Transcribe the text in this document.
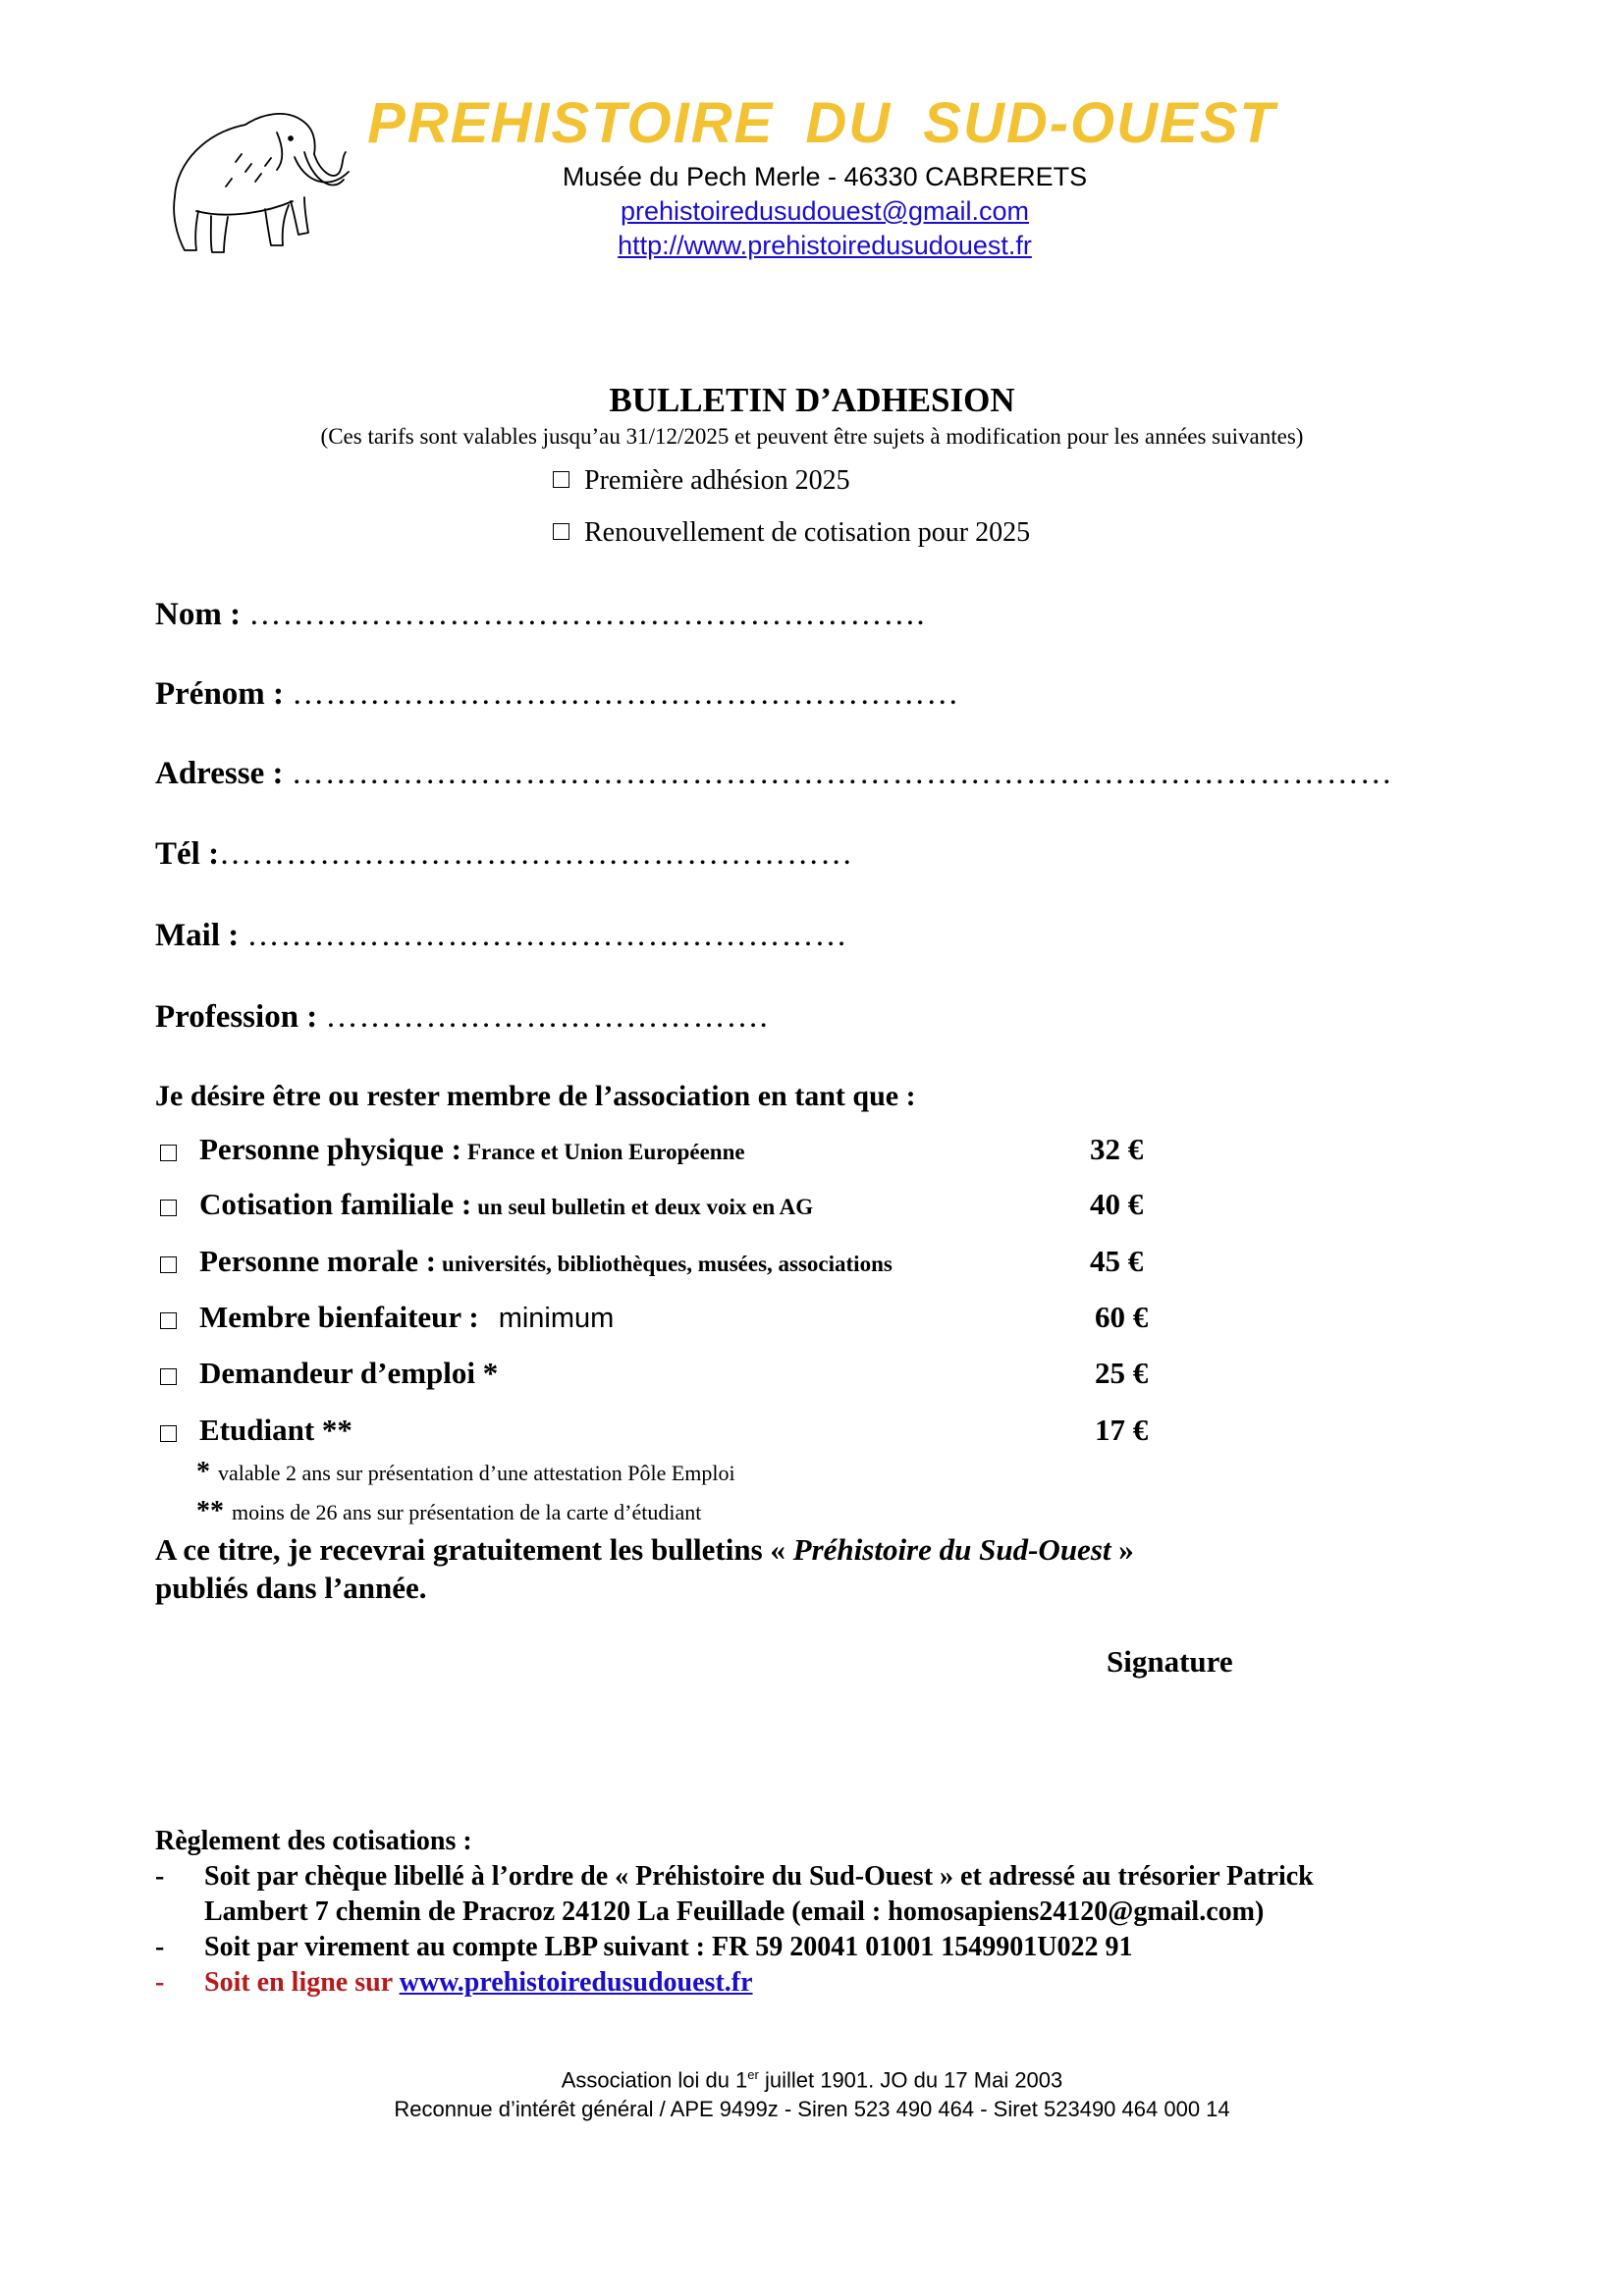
PREHISTOIRE DU SUD-OUEST
Musée du Pech Merle - 46330 CABRERETS
prehistoiredusudouest@gmail.com
http://www.prehistoiredusudouest.fr
BULLETIN D’ADHESION
(Ces tarifs sont valables jusqu’au 31/12/2025 et peuvent être sujets à modification pour les années suivantes)
Première adhésion 2025
Renouvellement de cotisation pour 2025
Nom : …………………………………………………….
Prénom : ……………………………………………………
Adresse : ………………………………………………………………………………………
Tél :…………………………………………………
Mail : ………………………………………………
Profession : ………………………………….
Je désire être ou rester membre de l’association en tant que :
Personne physique : France et Union Européenne	32 €
Cotisation familiale : un seul bulletin et deux voix en AG	40 €
Personne morale : universités, bibliothèques, musées, associations	45 €
Membre bienfaiteur : minimum	60 €
Demandeur d’emploi *	25 €
Etudiant **	17 €
* valable 2 ans sur présentation d’une attestation Pôle Emploi
** moins de 26 ans sur présentation de la carte d’étudiant
A ce titre, je recevrai gratuitement les bulletins « Préhistoire du Sud-Ouest »
publiés dans l’année.
Signature
Règlement des cotisations :
- Soit par chèque libellé à l’ordre de « Préhistoire du Sud-Ouest » et adressé au trésorier Patrick
Lambert 7 chemin de Pracroz 24120 La Feuillade (email : homosapiens24120@gmail.com)
- Soit par virement au compte LBP suivant : FR 59 20041 01001 1549901U022 91
- Soit en ligne sur www.prehistoiredusudouest.fr
Association loi du 1er juillet 1901. JO du 17 Mai 2003
Reconnue d’intérêt général / APE 9499z - Siren 523 490 464 - Siret 523490 464 000 14
